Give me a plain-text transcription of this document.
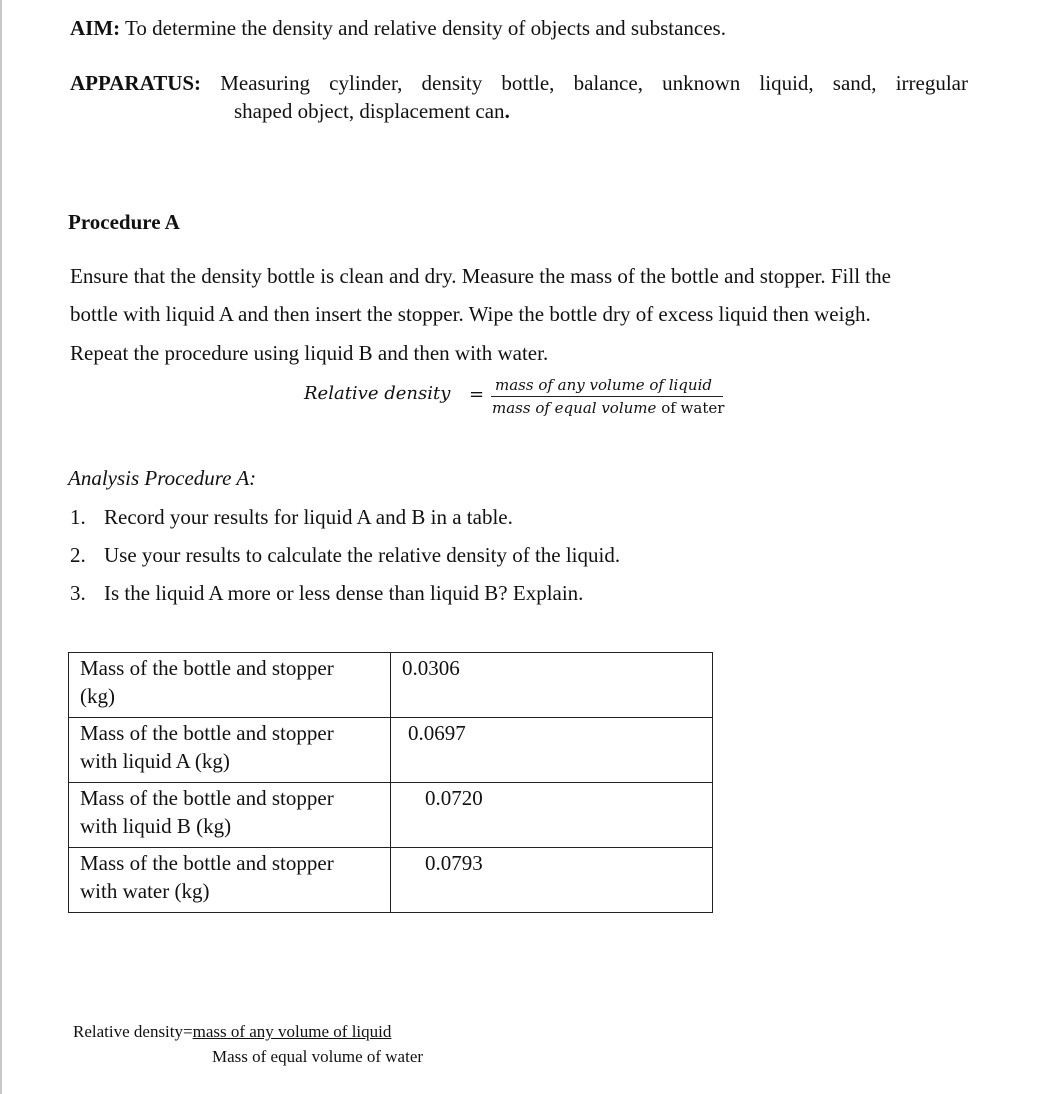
AIM: To determine the density and relative density of objects and substances.
APPARATUS: Measuring cylinder, density bottle, balance, unknown liquid, sand, irregular
shaped object, displacement can.
Procedure A
Ensure that the density bottle is clean and dry. Measure the mass of the bottle and stopper. Fill the
bottle with liquid A and then insert the stopper. Wipe the bottle dry of excess liquid then weigh.
Repeat the procedure using liquid B and then with water.
Relative density = mass of any volume of liquid
mass of equal volume of water
Analysis Procedure A:
1. Record your results for liquid A and B in a table.
2. Use your results to calculate the relative density of the liquid.
3. Is the liquid A more or less dense than liquid B? Explain.
Mass of the bottle and stopper
(kg)	0.0306

Mass of the bottle and stopper
with liquid A (kg)	0.0697

Mass of the bottle and stopper
with liquid B (kg)	0.0720

Mass of the bottle and stopper
with water (kg)	0.0793
Relative density=mass of any volume of liquid
Mass of equal volume of water
